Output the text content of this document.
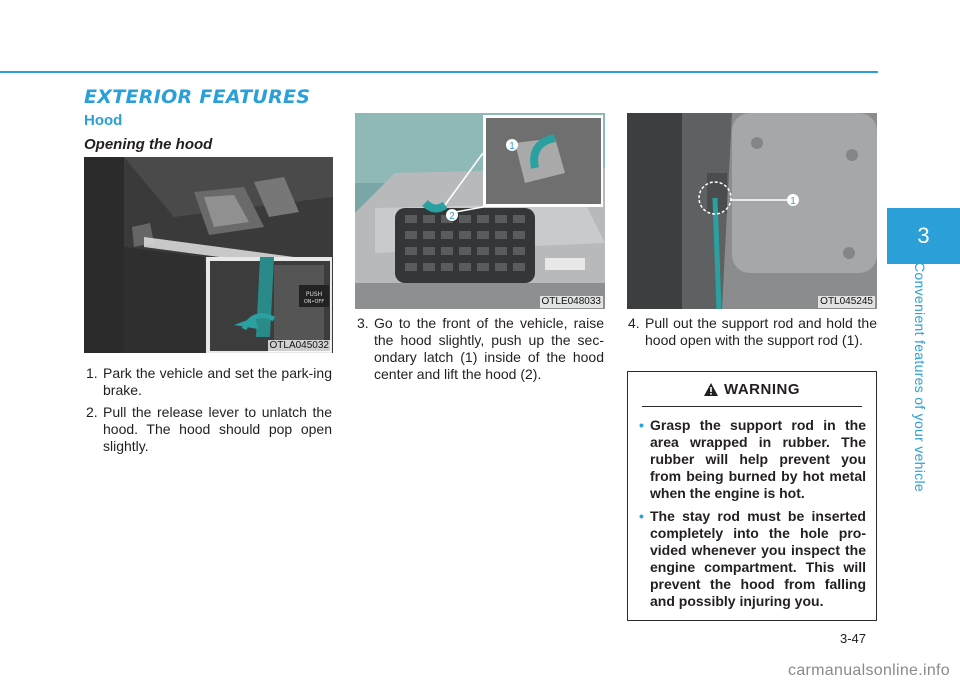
EXTERIOR FEATURES
Hood
Opening the hood
PUSH
ON•OFF
OTLA045032
1
2
OTLE048033
1
OTL045245
1. Park the vehicle and set the park-ing brake.
2. Pull the release lever to unlatch the hood. The hood should pop open slightly.
3. Go to the front of the vehicle, raise the hood slightly, push up the sec-ondary latch (1) inside of the hood center and lift the hood (2).
4. Pull out the support rod and hold the hood open with the support rod (1).
WARNING
• Grasp the support rod in the area wrapped in rubber. The rubber will help prevent you from being burned by hot metal when the engine is hot.
• The stay rod must be inserted completely into the hole pro-vided whenever you inspect the engine compartment. This will prevent the hood from falling and possibly injuring you.
3
Convenient features of your vehicle
3-47
carmanualsonline.info
